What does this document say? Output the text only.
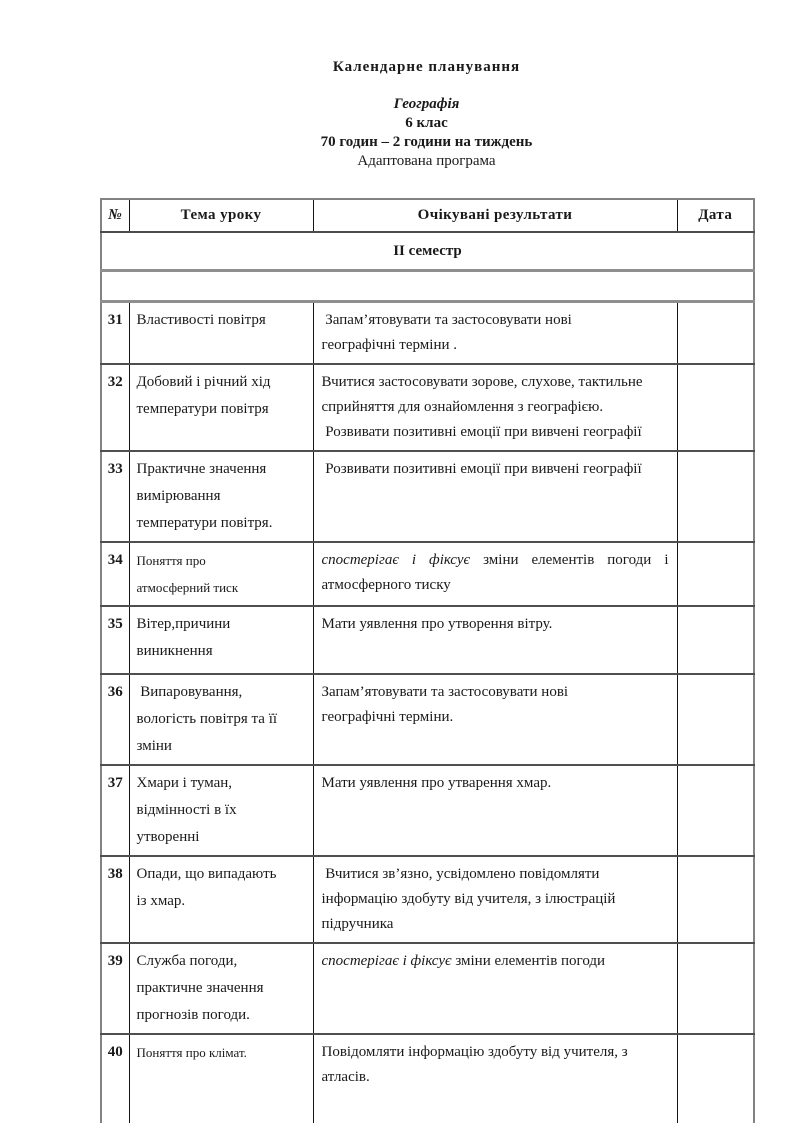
Календарне планування
Географія
6 клас
70 годин – 2 години на тиждень
Адаптована програма
№	Тема уроку	Очікувані результати	Дата
ІІ семестр			

31	Властивості повітря	Запам’ятовувати та застосовувати нові
географічні терміни .	
32	Добовий і річний хід
температури повітря	Вчитися застосовувати зорове, слухове, тактильне
сприйняття для ознайомлення з географією.
Розвивати позитивні емоції при вивчені географії	
33	Практичне значення
вимірювання
температури повітря.	Розвивати позитивні емоції при вивчені географії	
34	Поняття про
атмосферний тиск	спостерігає і фіксує зміни елементів погоди і атмосферного тиску	
35	Вітер,причини
виникнення	Мати уявлення про утворення вітру.	
36	Випаровування,
вологість повітря та її
зміни	Запам’ятовувати та застосовувати нові
географічні терміни.	
37	Хмари і туман,
відмінності в їх
утворенні	Мати уявлення про утварення хмар.	
38	Опади, що випадають
із хмар.	Вчитися зв’язно, усвідомлено повідомляти
інформацію здобуту від учителя, з ілюстрацій
підручника	
39	Служба погоди,
практичне значення
прогнозів погоди.	спостерігає і фіксує зміни елементів погоди	
40	Поняття про клімат.	Повідомляти інформацію здобуту від учителя, з
атласів.	
